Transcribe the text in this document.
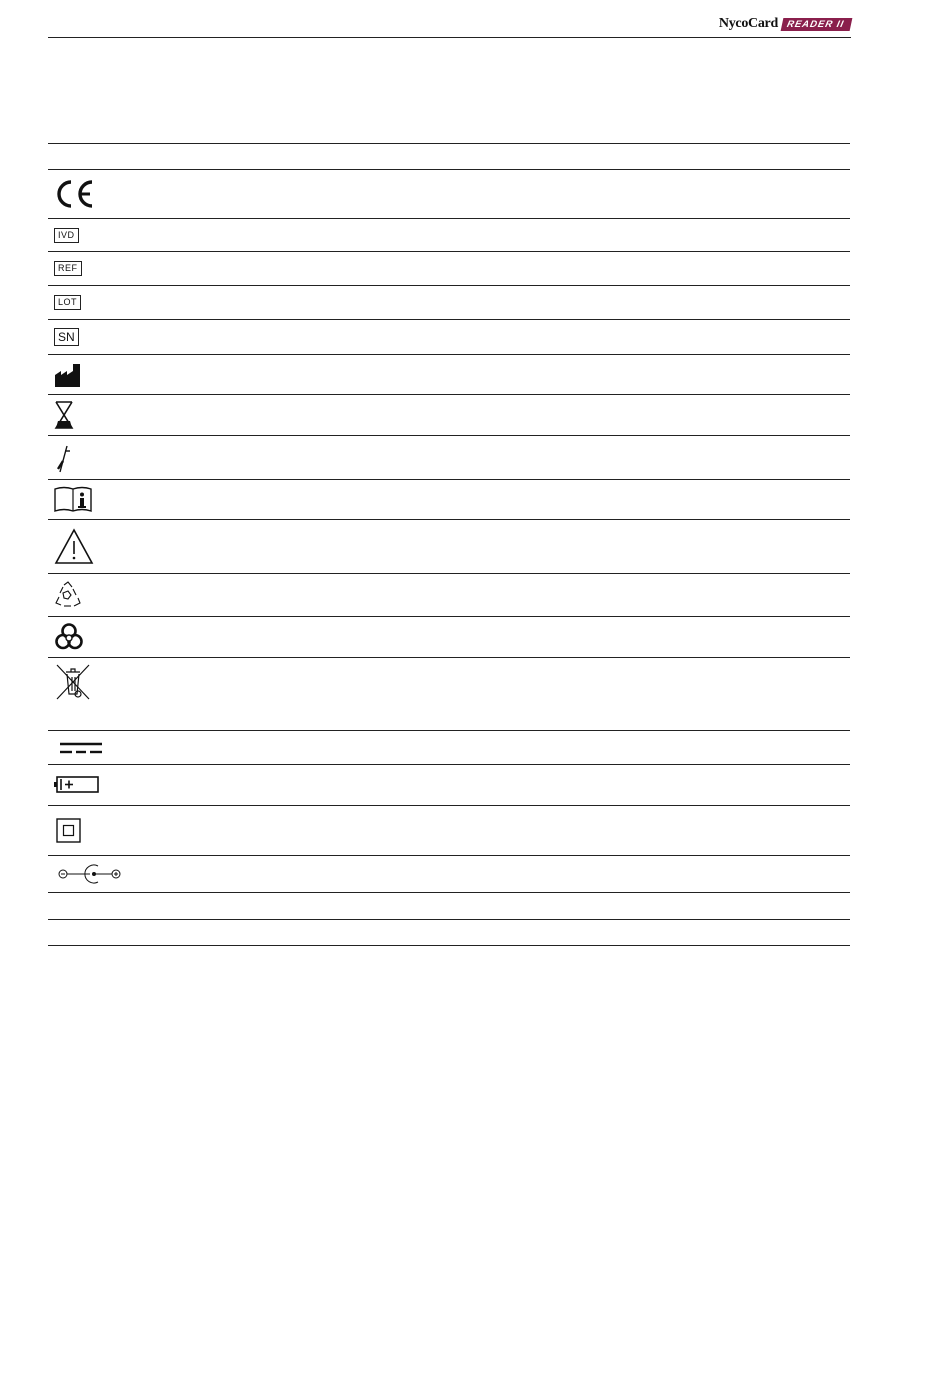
NycoCard READER II
IVD
REF
LOT
SN
